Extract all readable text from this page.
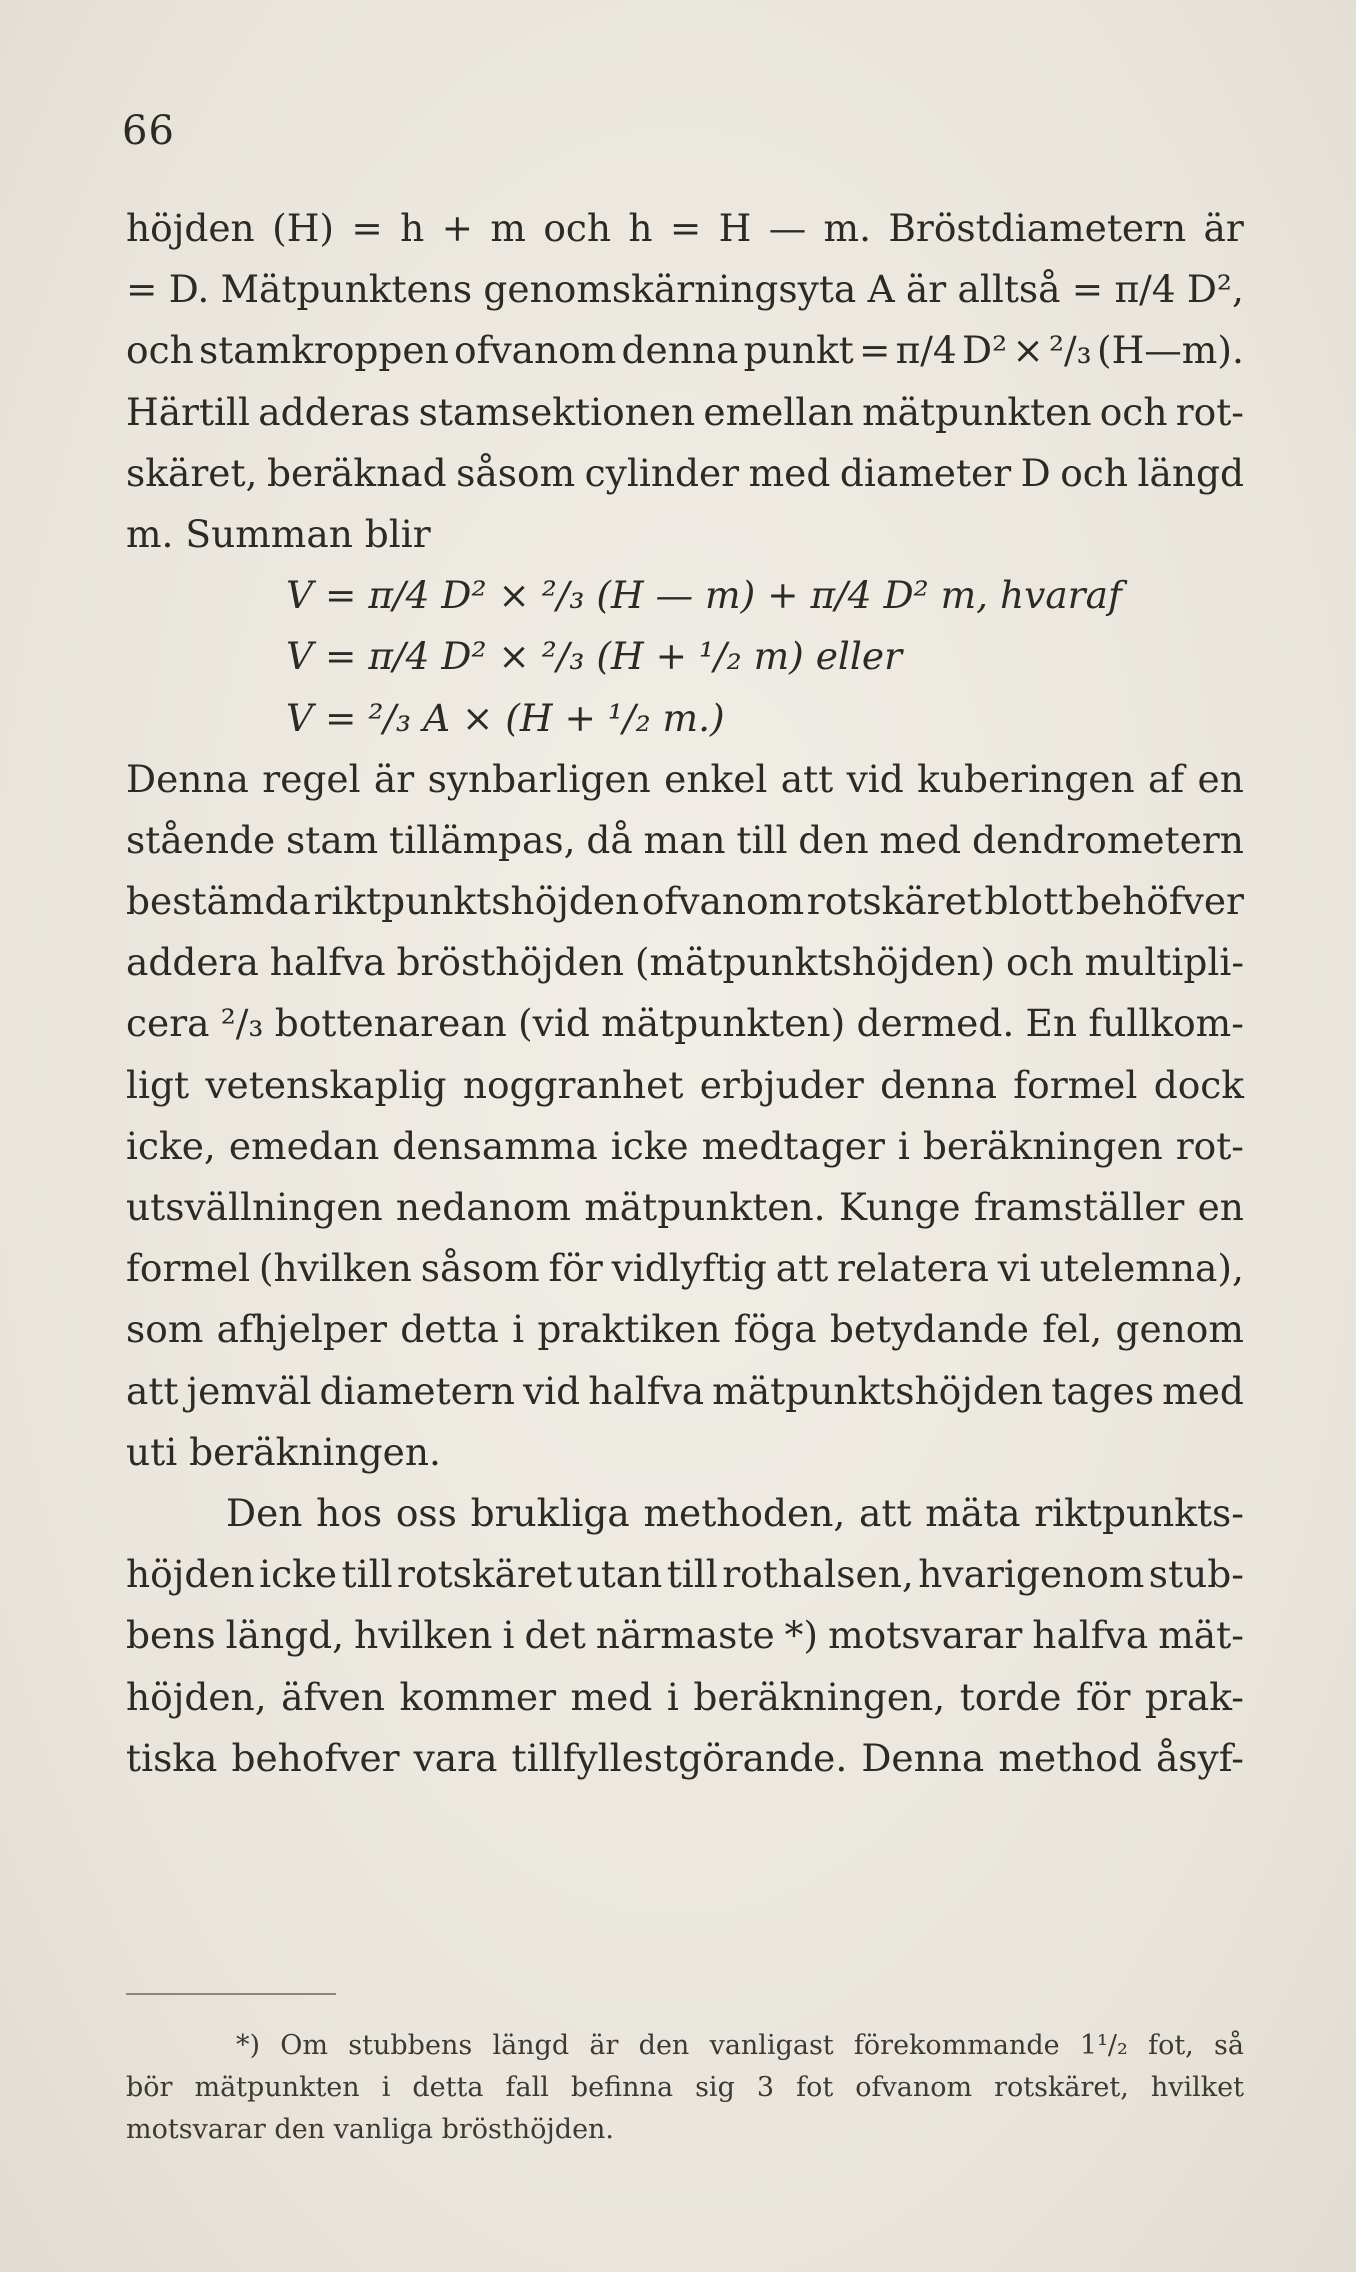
66
höjden (H) = h + m och h = H — m. Bröstdiametern är
= D. Mätpunktens genomskärningsyta A är alltså = π/4 D²,
och stamkroppen ofvanom denna punkt = π/4 D² × ²/₃ (H—m).
Härtill adderas stamsektionen emellan mätpunkten och rot-
skäret, beräknad såsom cylinder med diameter D och längd
m. Summan blir
V = π/4 D² × ²/₃ (H — m) + π/4 D² m, hvaraf
V = π/4 D² × ²/₃ (H + ¹/₂ m) eller
V = ²/₃ A × (H + ¹/₂ m.)
Denna regel är synbarligen enkel att vid kuberingen af en
stående stam tillämpas, då man till den med dendrometern
bestämda riktpunktshöjden ofvanom rotskäret blott behöfver
addera halfva brösthöjden (mätpunktshöjden) och multipli-
cera ²/₃ bottenarean (vid mätpunkten) dermed. En fullkom-
ligt vetenskaplig noggranhet erbjuder denna formel dock
icke, emedan densamma icke medtager i beräkningen rot-
utsvällningen nedanom mätpunkten. Kunge framställer en
formel (hvilken såsom för vidlyftig att relatera vi utelemna),
som afhjelper detta i praktiken föga betydande fel, genom
att jemväl diametern vid halfva mätpunktshöjden tages med
uti beräkningen.
Den hos oss brukliga methoden, att mäta riktpunkts-
höjden icke till rotskäret utan till rothalsen, hvarigenom stub-
bens längd, hvilken i det närmaste *) motsvarar halfva mät-
höjden, äfven kommer med i beräkningen, torde för prak-
tiska behofver vara tillfyllestgörande. Denna method åsyf-
*) Om stubbens längd är den vanligast förekommande 1¹/₂ fot, så
bör mätpunkten i detta fall befinna sig 3 fot ofvanom rotskäret, hvilket
motsvarar den vanliga brösthöjden.
